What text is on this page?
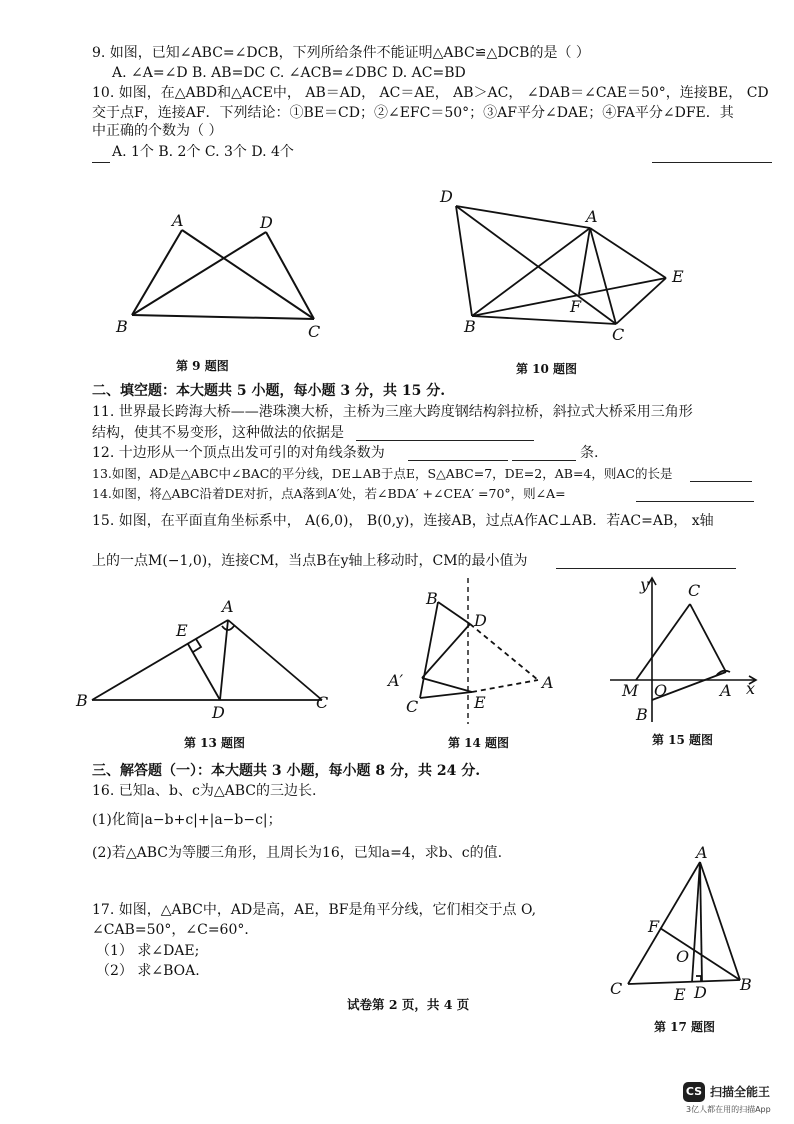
9. 如图，已知∠ABC=∠DCB，下列所给条件不能证明△ABC≌△DCB的是（ ）
A. ∠A=∠D B. AB=DC C. ∠ACB=∠DBC D. AC=BD
10. 如图，在△ABD和△ACE中， AB＝AD， AC＝AE， AB＞AC， ∠DAB＝∠CAE＝50°，连接BE， CD
交于点F，连接AF．下列结论：①BE＝CD；②∠EFC＝50°；③AF平分∠DAE；④FA平分∠DFE．其
中正确的个数为（ ）
A. 1个 B. 2个 C. 3个 D. 4个
A	D
B	C
第 9 题图
D
A
E
F
B	C
第 10 题图
二、填空题：本大题共 5 小题，每小题 3 分，共 15 分.
11. 世界最长跨海大桥——港珠澳大桥，主桥为三座大跨度钢结构斜拉桥，斜拉式大桥采用三角形
结构，使其不易变形，这种做法的依据是
12. 十边形从一个顶点出发可引的对角线条数为	条.
13.如图，AD是△ABC中∠BAC的平分线，DE⊥AB于点E，S△ABC=7，DE=2，AB=4，则AC的长是
14.如图，将△ABC沿着DE对折，点A落到A′处，若∠BDA′ +∠CEA′ =70°，则∠A=
15. 如图，在平面直角坐标系中， A(6,0)， B(0,y)，连接AB，过点A作AC⊥AB．若AC=AB， x轴
上的一点M(−1,0)，连接CM，当点B在y轴上移动时，CM的最小值为
A
E
B
D
C
第 13 题图
B
D
A′	A
C	E
第 14 题图
y C
M O	A x
B
第 15 题图
三、解答题（一）：本大题共 3 小题，每小题 8 分，共 24 分.
16. 已知a、b、c为△ABC的三边长.
(1)化简|a−b+c|+|a−b−c|；
(2)若△ABC为等腰三角形，且周长为16，已知a=4，求b、c的值.
17. 如图，△ABC中，AD是高，AE，BF是角平分线，它们相交于点 O,
∠CAB=50°，∠C=60°．
（1） 求∠DAE;
（2） 求∠BOA.
A
F
O
C	E D B
第 17 题图
试卷第 2 页，共 4 页
CS 扫描全能王
3亿人都在用的扫描App
